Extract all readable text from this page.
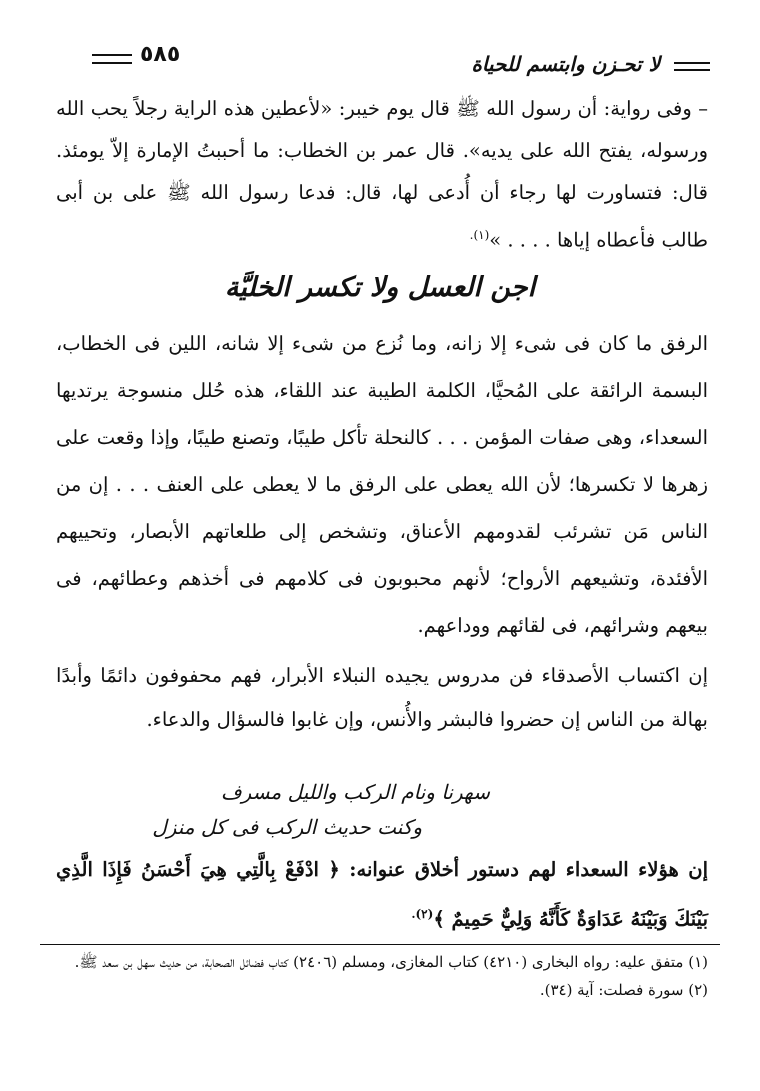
٥٨٥	لا تحـزن وابتسم للحياة
– وفى رواية: أن رسول الله ﷺ قال يوم خيبر: «لأعطين هذه الراية رجلاً يحب الله ورسوله، يفتح الله على يديه». قال عمر بن الخطاب: ما أحببتُ الإمارة إلاّ يومئذ. قال: فتساورت لها رجاء أن أُدعى لها، قال: فدعا رسول الله ﷺ على بن أبى طالب فأعطاه إياها . . . . »$^{(١).}$
اجن العسل ولا تكسر الخليَّة
الرفق ما كان فى شىء إلا زانه، وما نُزع من شىء إلا شانه، اللين فى الخطاب، البسمة الرائقة على المُحيَّا، الكلمة الطيبة عند اللقاء، هذه حُلل منسوجة يرتديها السعداء، وهى صفات المؤمن . . . كالنحلة تأكل طيبًا، وتصنع طيبًا، وإذا وقعت على زهرها لا تكسرها؛ لأن الله يعطى على الرفق ما لا يعطى على العنف . . . إن من الناس مَن تشرئب لقدومهم الأعناق، وتشخص إلى طلعاتهم الأبصار، وتحييهم الأفئدة، وتشيعهم الأرواح؛ لأنهم محبوبون فى كلامهم فى أخذهم وعطائهم، فى بيعهم وشرائهم، فى لقائهم ووداعهم.
إن اكتساب الأصدقاء فن مدروس يجيده النبلاء الأبرار، فهم محفوفون دائمًا وأبدًا بهالة من الناس إن حضروا فالبشر والأُنس، وإن غابوا فالسؤال والدعاء.
سهرنا ونام الركب والليل مسرف
وكنت حديث الركب فى كل منزل
إن هؤلاء السعداء لهم دستور أخلاق عنوانه: ﴿ ادْفَعْ بِالَّتِي هِيَ أَحْسَنُ فَإِذَا الَّذِي بَيْنَكَ وَبَيْنَهُ عَدَاوَةٌ كَأَنَّهُ وَلِيٌّ حَمِيمٌ ﴾$^{(٢).}$

(١) متفق عليه: رواه البخارى (٤٢١٠) كتاب المغازى، ومسلم (٢٤٠٦) كتاب فضائل الصحابة، من حديث سهل بن سعد ﷺ.

(٢) سورة فصلت: آية (٣٤).
